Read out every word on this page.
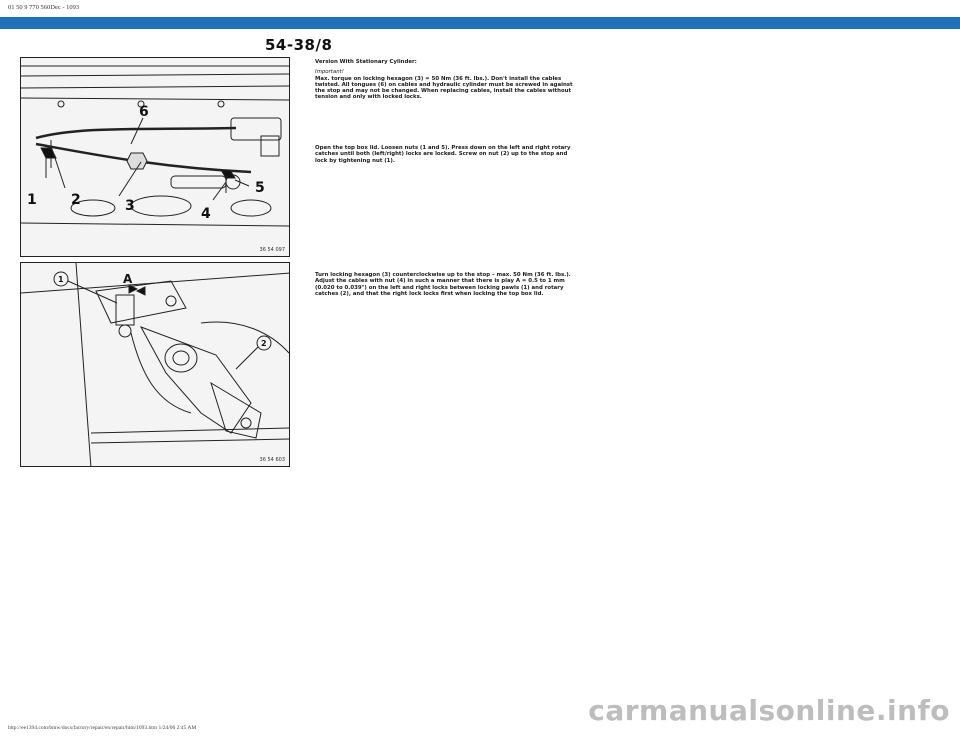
01 50 9 770 560Dec - 1093
54-38/8
1 2	3	4
5
6
36 54 097
1
2
A
36 54 603

Version With Stationary Cylinder:

Important!

Max. torque on locking hexagon (3) = 50 Nm (36 ft. lbs.). Don't install the cables twisted. All tongues (6) on cables and hydraulic cylinder must be screwed in against the stop and may not be changed. When replacing cables, install the cables without tension and only with locked locks.

Open the top box lid. Loosen nuts (1 and 5). Press down on the left and right rotary catches until both (left/right) locks are locked. Screw on nut (2) up to the stop and lock by tightening nut (1).

Turn locking hexagon (3) counterclockwise up to the stop – max. 50 Nm (36 ft. lbs.). Adjust the cables with nut (4) in such a manner that there is play A = 0.5 to 1 mm (0.020 to 0.039") on the left and right locks between locking pawls (1) and rotary catches (2), and that the right lock locks first when locking the top box lid.

http://ee1394.com/bmw/docs/factory/repair/en/repair/htm/1093.htm 1/24/06 2:45 AM
carmanualsonline.info
